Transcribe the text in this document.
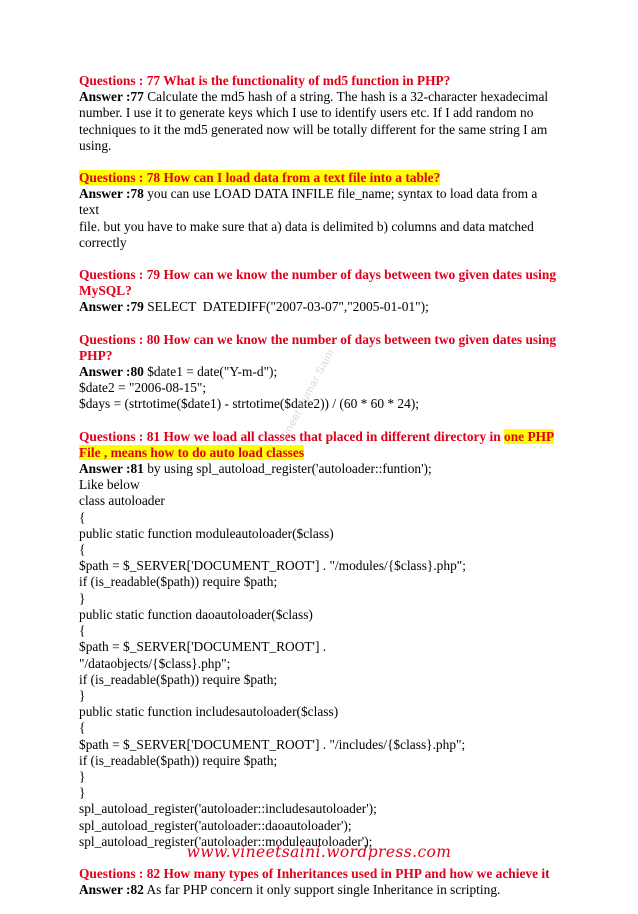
Questions : 77 What is the functionality of md5 function in PHP?

Answer :77 Calculate the md5 hash of a string. The hash is a 32-character hexadecimal
number. I use it to generate keys which I use to identify users etc. If I add random no
techniques to it the md5 generated now will be totally different for the same string I am
using.

Questions : 78 How can I load data from a text file into a table?

Answer :78 you can use LOAD DATA INFILE file_name; syntax to load data from a text
file. but you have to make sure that a) data is delimited b) columns and data matched
correctly

Questions : 79 How can we know the number of days between two given dates using MySQL?

Answer :79 SELECT  DATEDIFF("2007-03-07","2005-01-01");

Questions : 80 How can we know the number of days between two given dates using PHP?

Answer :80 $date1 = date("Y-m-d");
$date2 = "2006-08-15";
$days = (strtotime($date1) - strtotime($date2)) / (60 * 60 * 24);

Questions : 81 How we load all classes that placed in different directory in one PHP File , means how to do auto load classes

Answer :81 by using spl_autoload_register('autoloader::funtion');
Like below
class autoloader
{
public static function moduleautoloader($class)
{
$path = $_SERVER['DOCUMENT_ROOT'] . "/modules/{$class}.php";
if (is_readable($path)) require $path;
}
public static function daoautoloader($class)
{
$path = $_SERVER['DOCUMENT_ROOT'] .
"/dataobjects/{$class}.php";
if (is_readable($path)) require $path;
}
public static function includesautoloader($class)
{
$path = $_SERVER['DOCUMENT_ROOT'] . "/includes/{$class}.php";
if (is_readable($path)) require $path;
}
}
spl_autoload_register('autoloader::includesautoloader');
spl_autoload_register('autoloader::daoautoloader');
spl_autoload_register('autoloader::moduleautoloader');

Questions : 82 How many types of Inheritances used in PHP and how we achieve it

Answer :82 As far PHP concern it only support single Inheritance in scripting.
Vineet Kumar Saini
www.vineetsaini.wordpress.com
